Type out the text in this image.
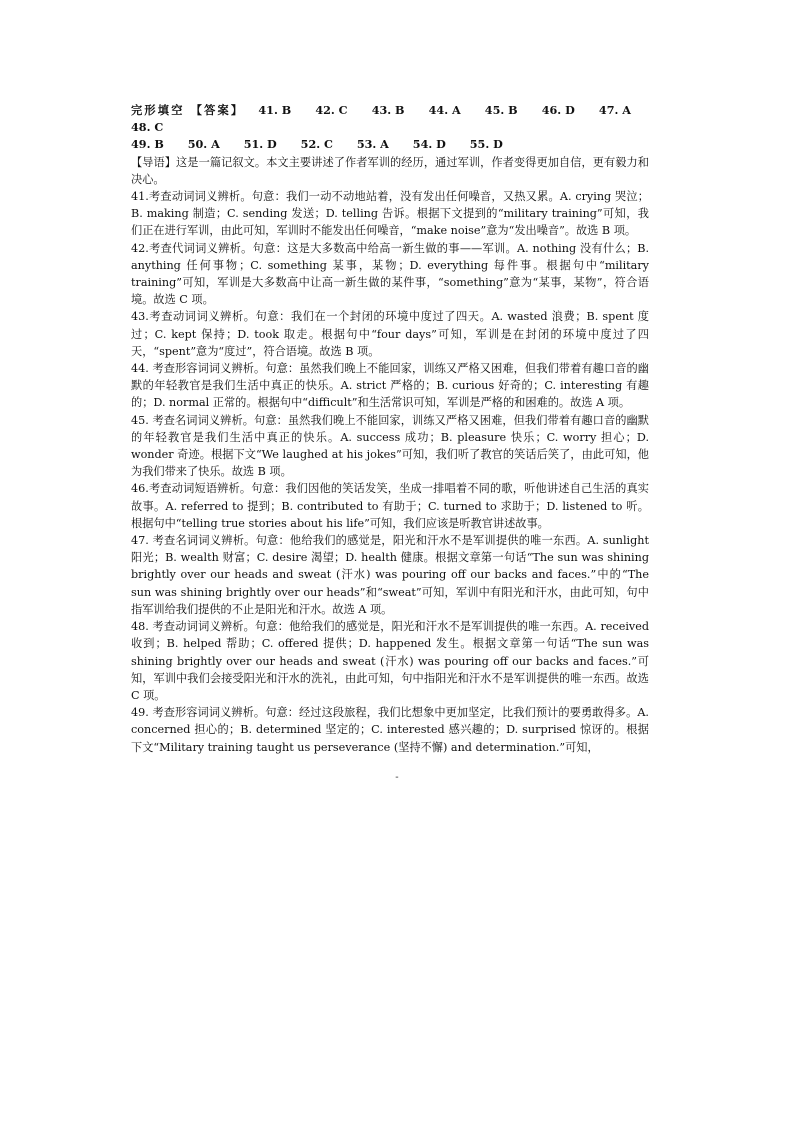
完形填空 【答案】 41. B 42. C 43. B 44. A 45. B 46. D 47. A 48. C
49. B 50. A 51. D 52. C 53. A 54. D 55. D

【导语】这是一篇记叙文。本文主要讲述了作者军训的经历，通过军训，作者变得更加自信，更有毅力和决心。

41.考查动词词义辨析。句意：我们一动不动地站着，没有发出任何噪音，又热又累。A. crying 哭泣；B. making 制造；C. sending 发送；D. telling 告诉。根据下文提到的“military training”可知，我们正在进行军训，由此可知，军训时不能发出任何噪音，“make noise”意为“发出噪音”。故选 B 项。

42.考查代词词义辨析。句意：这是大多数高中给高一新生做的事——军训。A. nothing 没有什么；B. anything 任何事物；C. something 某事，某物；D. everything 每件事。根据句中“military training”可知，军训是大多数高中让高一新生做的某件事，“something”意为“某事，某物”，符合语境。故选 C 项。

43.考查动词词义辨析。句意：我们在一个封闭的环境中度过了四天。A. wasted 浪费；B. spent 度过；C. kept 保持；D. took 取走。根据句中“four days”可知，军训是在封闭的环境中度过了四天，“spent”意为“度过”，符合语境。故选 B 项。

44. 考查形容词词义辨析。句意：虽然我们晚上不能回家，训练又严格又困难，但我们带着有趣口音的幽默的年轻教官是我们生活中真正的快乐。A. strict 严格的；B. curious 好奇的；C. interesting 有趣的；D. normal 正常的。根据句中“difficult”和生活常识可知，军训是严格的和困难的。故选 A 项。

45. 考查名词词义辨析。句意：虽然我们晚上不能回家，训练又严格又困难，但我们带着有趣口音的幽默的年轻教官是我们生活中真正的快乐。A. success 成功；B. pleasure 快乐；C. worry 担心；D. wonder 奇迹。根据下文“We laughed at his jokes”可知，我们听了教官的笑话后笑了，由此可知，他为我们带来了快乐。故选 B 项。

46.考查动词短语辨析。句意：我们因他的笑话发笑，坐成一排唱着不同的歌，听他讲述自己生活的真实故事。A. referred to 提到；B. contributed to 有助于；C. turned to 求助于；D. listened to 听。根据句中“telling true stories about his life”可知，我们应该是听教官讲述故事。

47. 考查名词词义辨析。句意：他给我们的感觉是，阳光和汗水不是军训提供的唯一东西。A. sunlight 阳光；B. wealth 财富；C. desire 渴望；D. health 健康。根据文章第一句话“The sun was shining brightly over our heads and sweat (汗水) was pouring off our backs and faces.”中的“The sun was shining brightly over our heads”和“sweat”可知，军训中有阳光和汗水，由此可知，句中指军训给我们提供的不止是阳光和汗水。故选 A 项。

48. 考查动词词义辨析。句意：他给我们的感觉是，阳光和汗水不是军训提供的唯一东西。A. received 收到；B. helped 帮助；C. offered 提供；D. happened 发生。根据文章第一句话“The sun was shining brightly over our heads and sweat (汗水) was pouring off our backs and faces.”可知，军训中我们会接受阳光和汗水的洗礼，由此可知，句中指阳光和汗水不是军训提供的唯一东西。故选 C 项。

49. 考查形容词词义辨析。句意：经过这段旅程，我们比想象中更加坚定，比我们预计的要勇敢得多。A. concerned 担心的；B. determined 坚定的；C. interested 感兴趣的；D. surprised 惊讶的。根据下文“Military training taught us perseverance (坚持不懈) and determination.”可知，

-
